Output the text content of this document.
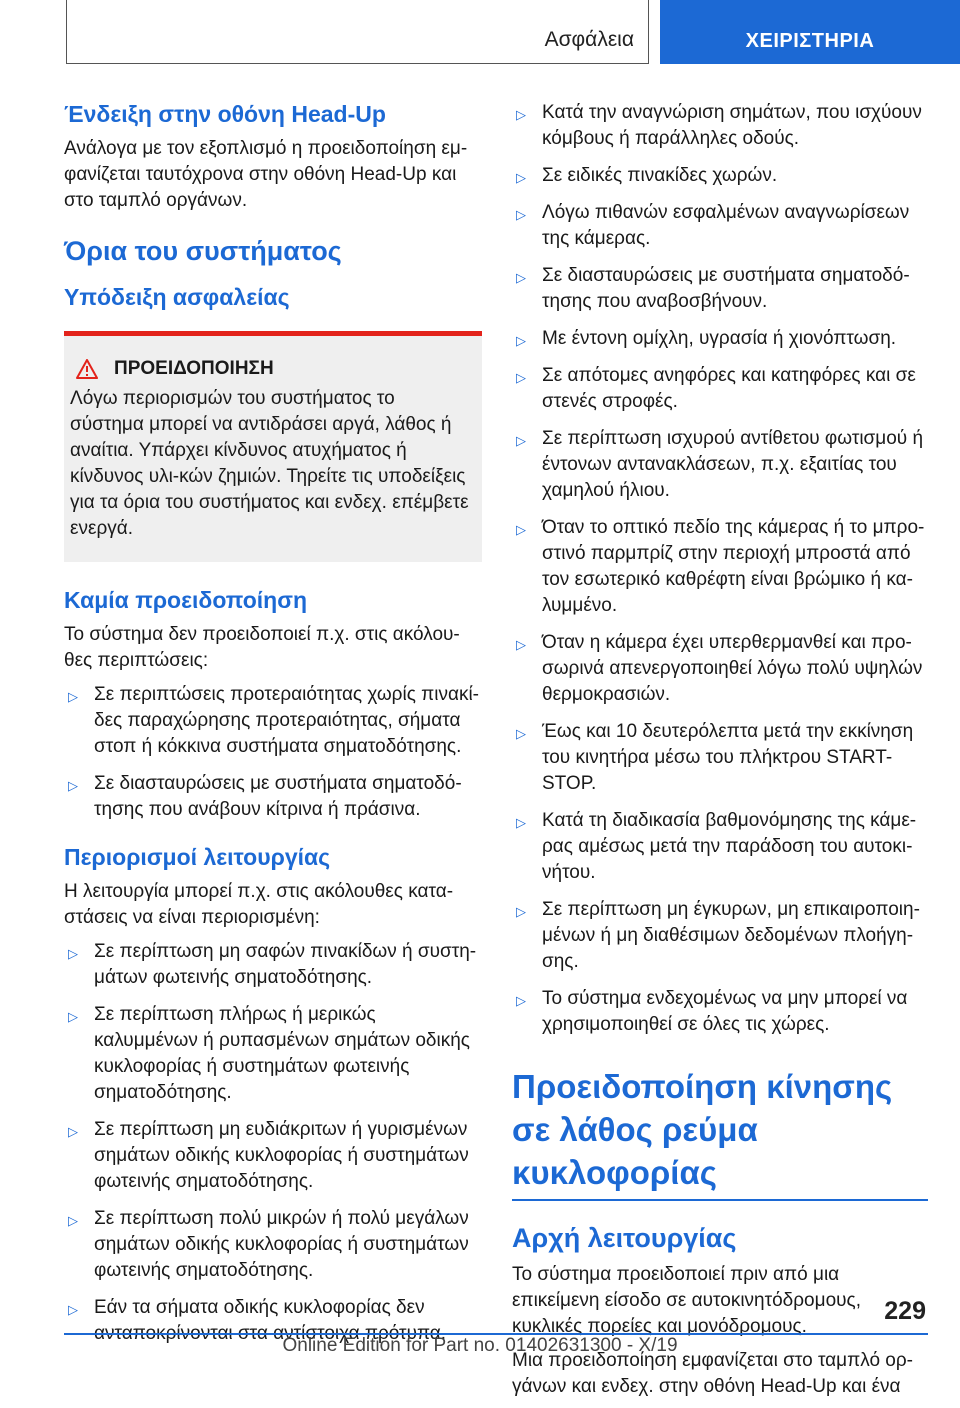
Ασφάλεια	ΧΕΙΡΙΣΤΗΡΙΑ
Ένδειξη στην οθόνη Head-Up

Ανάλογα με τον εξοπλισμό η προειδοποίηση εμ-φανίζεται ταυτόχρονα στην οθόνη Head-Up και στο ταμπλό οργάνων.

Όρια του συστήματος
Υπόδειξη ασφαλείας
ΠΡΟΕΙΔΟΠΟΙΗΣΗ

Λόγω περιορισμών του συστήματος το σύστημα μπορεί να αντιδράσει αργά, λάθος ή αναίτια. Υπάρχει κίνδυνος ατυχήματος ή κίνδυνος υλι-κών ζημιών. Τηρείτε τις υποδείξεις για τα όρια του συστήματος και ενδεχ. επέμβετε ενεργά.

Καμία προειδοποίηση

Το σύστημα δεν προειδοποιεί π.χ. στις ακόλου-θες περιπτώσεις:

▷ Σε περιπτώσεις προτεραιότητας χωρίς πινακί-δες παραχώρησης προτεραιότητας, σήματα στοπ ή κόκκινα συστήματα σηματοδότησης.
▷ Σε διασταυρώσεις με συστήματα σηματοδό-τησης που ανάβουν κίτρινα ή πράσινα.
Περιορισμοί λειτουργίας

Η λειτουργία μπορεί π.χ. στις ακόλουθες κατα-στάσεις να είναι περιορισμένη:

▷ Σε περίπτωση μη σαφών πινακίδων ή συστη-μάτων φωτεινής σηματοδότησης.
▷ Σε περίπτωση πλήρως ή μερικώς καλυμμένων ή ρυπασμένων σημάτων οδικής κυκλοφορίας ή συστημάτων φωτεινής σηματοδότησης.
▷ Σε περίπτωση μη ευδιάκριτων ή γυρισμένων σημάτων οδικής κυκλοφορίας ή συστημάτων φωτεινής σηματοδότησης.
▷ Σε περίπτωση πολύ μικρών ή πολύ μεγάλων σημάτων οδικής κυκλοφορίας ή συστημάτων φωτεινής σηματοδότησης.
▷ Εάν τα σήματα οδικής κυκλοφορίας δεν ανταποκρίνονται στα αντίστοιχα πρότυπα.
▷ Κατά την αναγνώριση σημάτων, που ισχύουν κόμβους ή παράλληλες οδούς.
▷ Σε ειδικές πινακίδες χωρών.
▷ Λόγω πιθανών εσφαλμένων αναγνωρίσεων της κάμερας.
▷ Σε διασταυρώσεις με συστήματα σηματοδό-τησης που αναβοσβήνουν.
▷ Με έντονη ομίχλη, υγρασία ή χιονόπτωση.
▷ Σε απότομες ανηφόρες και κατηφόρες και σε στενές στροφές.
▷ Σε περίπτωση ισχυρού αντίθετου φωτισμού ή έντονων αντανακλάσεων, π.χ. εξαιτίας του χαμηλού ήλιου.
▷ Όταν το οπτικό πεδίο της κάμερας ή το μπρο-στινό παρμπρίζ στην περιοχή μπροστά από τον εσωτερικό καθρέφτη είναι βρώμικο ή κα-λυμμένο.
▷ Όταν η κάμερα έχει υπερθερμανθεί και προ-σωρινά απενεργοποιηθεί λόγω πολύ υψηλών θερμοκρασιών.
▷ Έως και 10 δευτερόλεπτα μετά την εκκίνηση του κινητήρα μέσω του πλήκτρου START-STOP.
▷ Κατά τη διαδικασία βαθμονόμησης της κάμε-ρας αμέσως μετά την παράδοση του αυτοκι-νήτου.
▷ Σε περίπτωση μη έγκυρων, μη επικαιροποιη-μένων ή μη διαθέσιμων δεδομένων πλοήγη-σης.
▷ Το σύστημα ενδεχομένως να μην μπορεί να χρησιμοποιηθεί σε όλες τις χώρες.
Προειδοποίηση κίνησης σε λάθος ρεύμα κυκλοφορίας
Αρχή λειτουργίας

Το σύστημα προειδοποιεί πριν από μια επικείμενη είσοδο σε αυτοκινητόδρομους, κυκλικές πορείες και μονόδρομους.

Μια προειδοποίηση εμφανίζεται στο ταμπλό ορ-γάνων και ενδεχ. στην οθόνη Head-Up και ένα

229
Online Edition for Part no. 01402631300 - X/19
